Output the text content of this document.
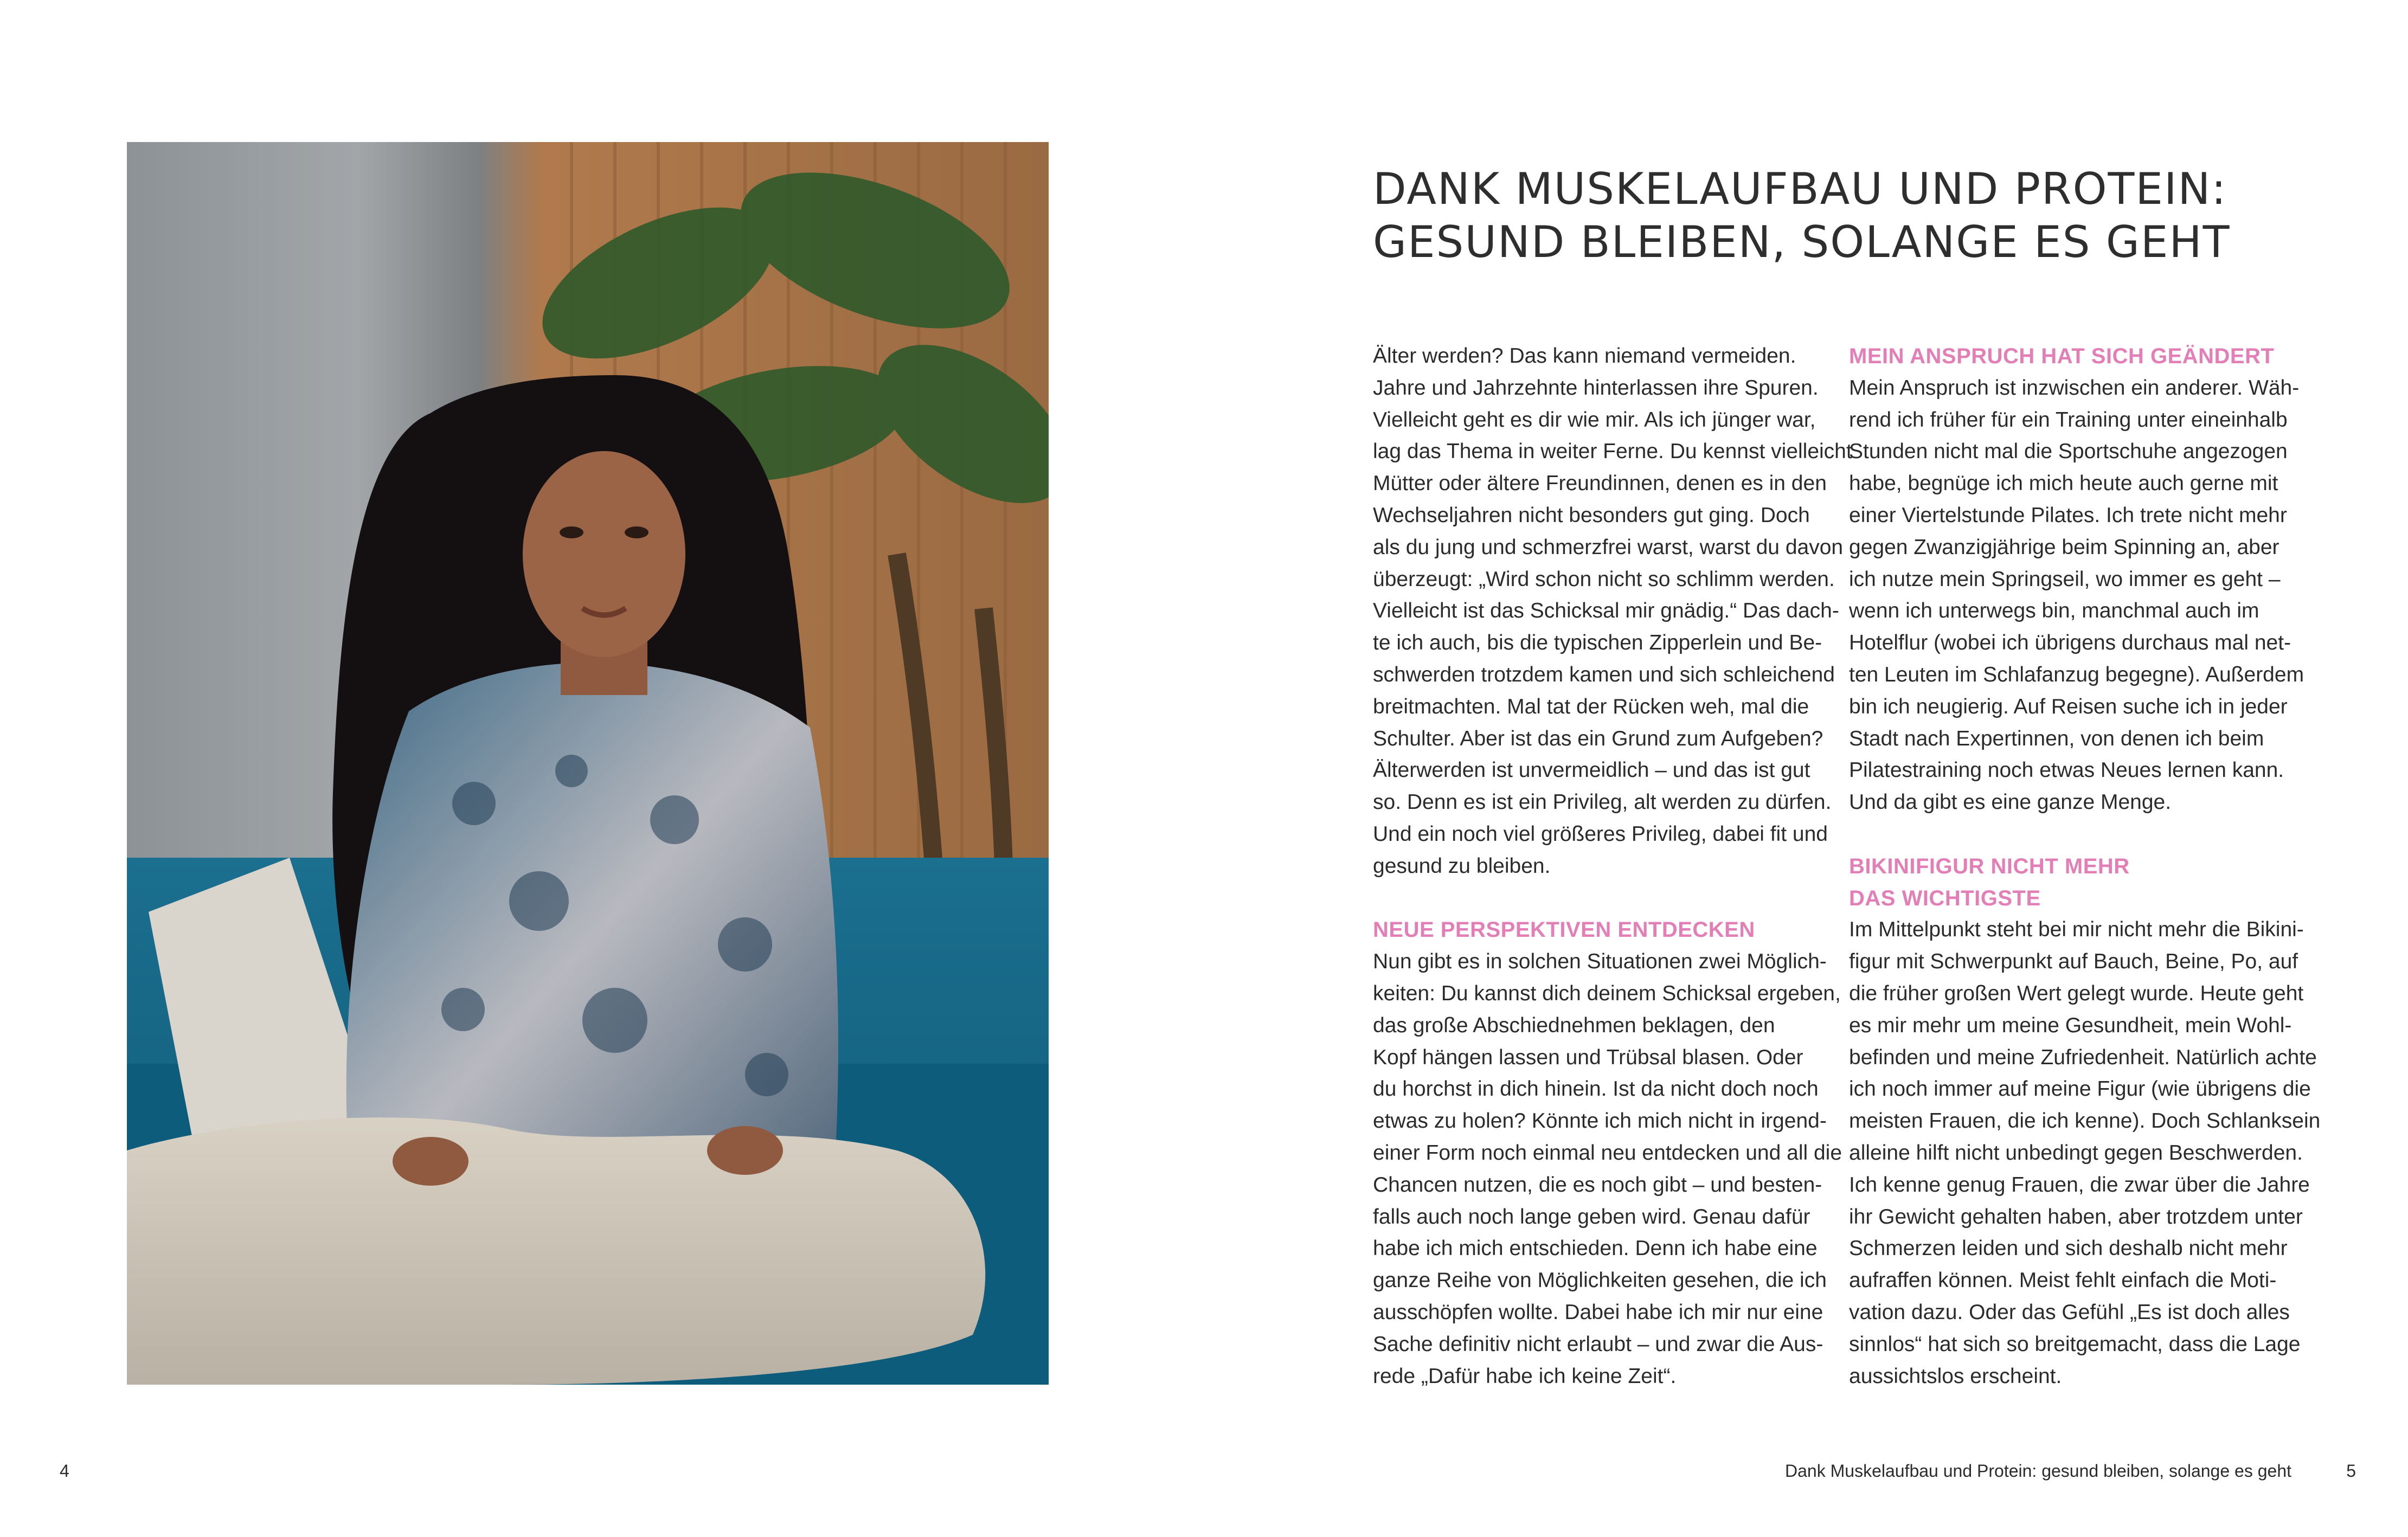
DANK MUSKELAUFBAU UND PROTEIN:
GESUND BLEIBEN, SOLANGE ES GEHT
Älter werden? Das kann niemand vermeiden.
Jahre und Jahrzehnte hinterlassen ihre Spuren.
Vielleicht geht es dir wie mir. Als ich jünger war,
lag das Thema in weiter Ferne. Du kennst vielleicht
Mütter oder ältere Freundinnen, denen es in den
Wechseljahren nicht besonders gut ging. Doch
als du jung und schmerzfrei warst, warst du davon
überzeugt: „Wird schon nicht so schlimm werden.
Vielleicht ist das Schicksal mir gnädig.“ Das dach-
te ich auch, bis die typischen Zipperlein und Be-
schwerden trotzdem kamen und sich schleichend
breitmachten. Mal tat der Rücken weh, mal die
Schulter. Aber ist das ein Grund zum Aufgeben?
Älterwerden ist unvermeidlich – und das ist gut
so. Denn es ist ein Privileg, alt werden zu dürfen.
Und ein noch viel größeres Privileg, dabei fit und
gesund zu bleiben.
NEUE PERSPEKTIVEN ENTDECKEN
Nun gibt es in solchen Situationen zwei Möglich-
keiten: Du kannst dich deinem Schicksal ergeben,
das große Abschiednehmen beklagen, den
Kopf hängen lassen und Trübsal blasen. Oder
du horchst in dich hinein. Ist da nicht doch noch
etwas zu holen? Könnte ich mich nicht in irgend-
einer Form noch einmal neu entdecken und all die
Chancen nutzen, die es noch gibt – und besten-
falls auch noch lange geben wird. Genau dafür
habe ich mich entschieden. Denn ich habe eine
ganze Reihe von Möglichkeiten gesehen, die ich
ausschöpfen wollte. Dabei habe ich mir nur eine
Sache definitiv nicht erlaubt – und zwar die Aus-
rede „Dafür habe ich keine Zeit“.
MEIN ANSPRUCH HAT SICH GEÄNDERT
Mein Anspruch ist inzwischen ein anderer. Wäh-
rend ich früher für ein Training unter eineinhalb
Stunden nicht mal die Sportschuhe angezogen
habe, begnüge ich mich heute auch gerne mit
einer Viertelstunde Pilates. Ich trete nicht mehr
gegen Zwanzigjährige beim Spinning an, aber
ich nutze mein Springseil, wo immer es geht –
wenn ich unterwegs bin, manchmal auch im
Hotelflur (wobei ich übrigens durchaus mal net-
ten Leuten im Schlafanzug begegne). Außerdem
bin ich neugierig. Auf Reisen suche ich in jeder
Stadt nach Expertinnen, von denen ich beim
Pilatestraining noch etwas Neues lernen kann.
Und da gibt es eine ganze Menge.
BIKINIFIGUR NICHT MEHR
DAS WICHTIGSTE
Im Mittelpunkt steht bei mir nicht mehr die Bikini-
figur mit Schwerpunkt auf Bauch, Beine, Po, auf
die früher großen Wert gelegt wurde. Heute geht
es mir mehr um meine Gesundheit, mein Wohl-
befinden und meine Zufriedenheit. Natürlich achte
ich noch immer auf meine Figur (wie übrigens die
meisten Frauen, die ich kenne). Doch Schlanksein
alleine hilft nicht unbedingt gegen Beschwerden.
Ich kenne genug Frauen, die zwar über die Jahre
ihr Gewicht gehalten haben, aber trotzdem unter
Schmerzen leiden und sich deshalb nicht mehr
aufraffen können. Meist fehlt einfach die Moti-
vation dazu. Oder das Gefühl „Es ist doch alles
sinnlos“ hat sich so breitgemacht, dass die Lage
aussichtslos erscheint.
4	Dank Muskelaufbau und Protein: gesund bleiben, solange es geht	5
